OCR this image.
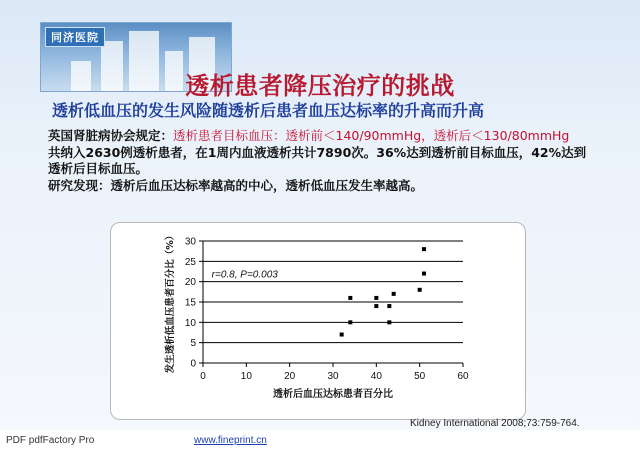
同济医院
透析患者降压治疗的挑战
透析低血压的发生风险随透析后患者血压达标率的升高而升高

英国肾脏病协会规定：透析患者目标血压：透析前＜140/90mmHg，透析后＜130/80mmHg

共纳入2630例透析患者，在1周内血液透析共计7890次。36%达到透析前目标血压，42%达到透析后目标血压。

研究发现：透析后血压达标率越高的中心，透析低血压发生率越高。

0
5
10
15
20
25
30
0	10	20	30	40	50	60
r=0.8, P=0.003
透析后血压达标患者百分比
发生透析低血压患者百分比（%）
Kidney International 2008;73:759-764.
PDF pdfFactory Pro	www.fineprint.cn
